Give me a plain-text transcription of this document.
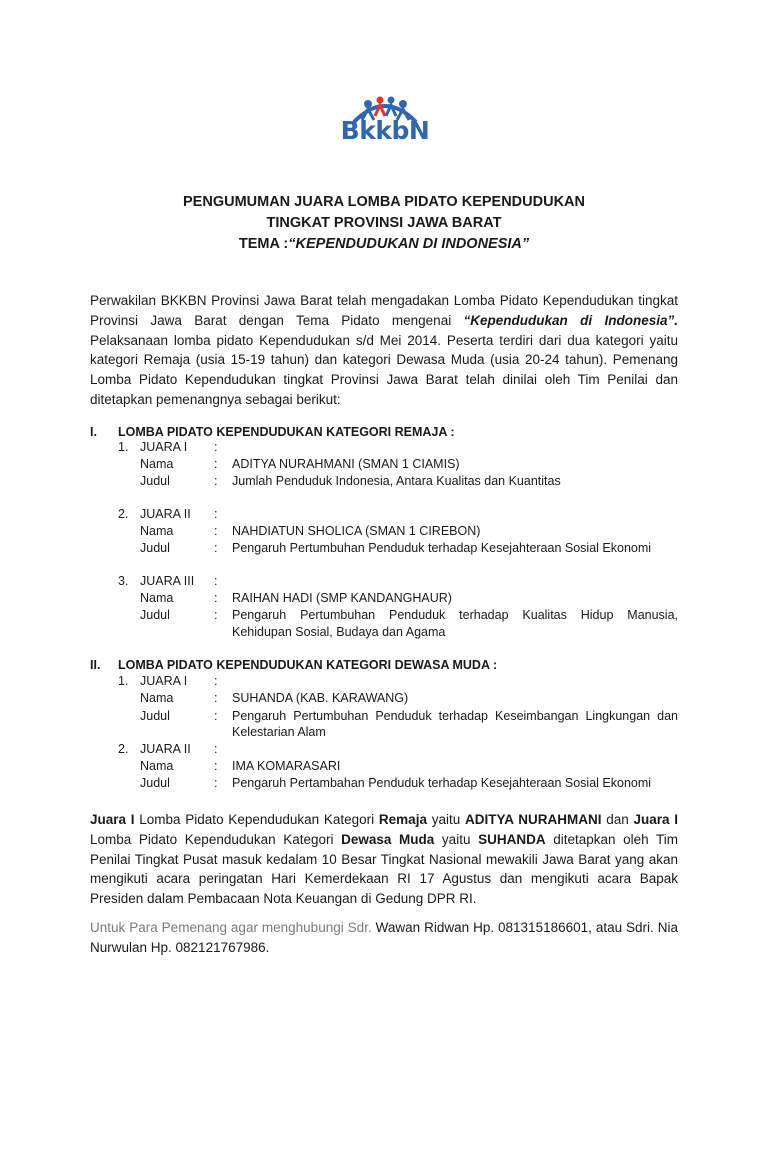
BkkbN
PENGUMUMAN JUARA LOMBA PIDATO KEPENDUDUKAN
TINGKAT PROVINSI JAWA BARAT
TEMA :“KEPENDUDUKAN DI INDONESIA”
Perwakilan BKKBN Provinsi Jawa Barat telah mengadakan Lomba Pidato Kependudukan tingkat Provinsi Jawa Barat dengan Tema Pidato mengenai “Kependudukan di Indonesia”. Pelaksanaan lomba pidato Kependudukan s/d Mei 2014. Peserta terdiri dari dua kategori yaitu kategori Remaja (usia 15-19 tahun) dan kategori Dewasa Muda (usia 20-24 tahun). Pemenang Lomba Pidato Kependudukan tingkat Provinsi Jawa Barat telah dinilai oleh Tim Penilai dan ditetapkan pemenangnya sebagai berikut:
I. LOMBA PIDATO KEPENDUDUKAN KATEGORI REMAJA :
1. JUARA I :
Nama	: ADITYA NURAHMANI (SMAN 1 CIAMIS)
Judul	: Jumlah Penduduk Indonesia, Antara Kualitas dan Kuantitas
2. JUARA II :
Nama	: NAHDIATUN SHOLICA (SMAN 1 CIREBON)
Judul	: Pengaruh Pertumbuhan Penduduk terhadap Kesejahteraan Sosial Ekonomi
3. JUARA III :
Nama	: RAIHAN HADI (SMP KANDANGHAUR)
Judul	: Pengaruh Pertumbuhan Penduduk terhadap Kualitas Hidup Manusia,
Kehidupan Sosial, Budaya dan Agama
II. LOMBA PIDATO KEPENDUDUKAN KATEGORI DEWASA MUDA :
1. JUARA I :
Nama	: SUHANDA (KAB. KARAWANG)
Judul	: Pengaruh Pertumbuhan Penduduk terhadap Keseimbangan Lingkungan dan
Kelestarian Alam
2. JUARA II :
Nama	: IMA KOMARASARI
Judul	: Pengaruh Pertambahan Penduduk terhadap Kesejahteraan Sosial Ekonomi
Juara I Lomba Pidato Kependudukan Kategori Remaja yaitu ADITYA NURAHMANI dan Juara I Lomba Pidato Kependudukan Kategori Dewasa Muda yaitu SUHANDA ditetapkan oleh Tim Penilai Tingkat Pusat masuk kedalam 10 Besar Tingkat Nasional mewakili Jawa Barat yang akan mengikuti acara peringatan Hari Kemerdekaan RI 17 Agustus dan mengikuti acara Bapak Presiden dalam Pembacaan Nota Keuangan di Gedung DPR RI.
Untuk Para Pemenang agar menghubungi Sdr. Wawan Ridwan Hp. 081315186601, atau Sdri. Nia Nurwulan Hp. 082121767986.
